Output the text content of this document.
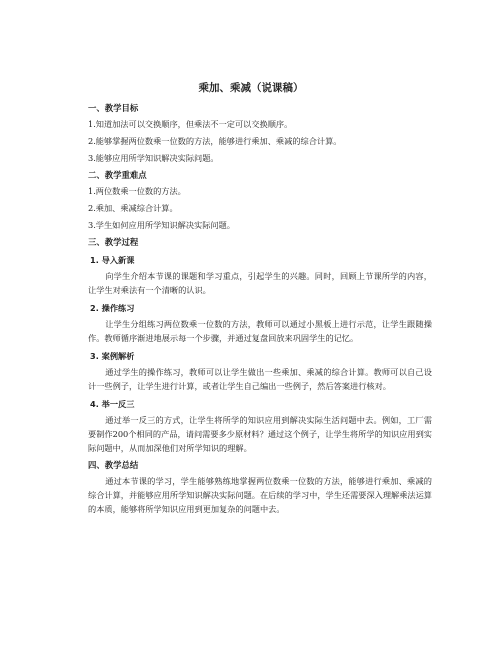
乘加、乘减（说课稿）
一、教学目标
1.知道加法可以交换顺序，但乘法不一定可以交换顺序。
2.能够掌握两位数乘一位数的方法，能够进行乘加、乘减的综合计算。
3.能够应用所学知识解决实际问题。
二、教学重难点
1.两位数乘一位数的方法。
2.乘加、乘减综合计算。
3.学生如何应用所学知识解决实际问题。
三、教学过程
1. 导入新课
向学生介绍本节课的课题和学习重点，引起学生的兴趣。同时，回顾上节课所学的内容，让学生对乘法有一个清晰的认识。
2. 操作练习
让学生分组练习两位数乘一位数的方法，教师可以通过小黑板上进行示范，让学生跟随操作。教师循序渐进地展示每一个步骤，并通过复盘回放来巩固学生的记忆。
3. 案例解析
通过学生的操作练习，教师可以让学生做出一些乘加、乘减的综合计算。教师可以自己设计一些例子，让学生进行计算，或者让学生自己编出一些例子，然后答案进行核对。
4. 举一反三
通过举一反三的方式，让学生将所学的知识应用到解决实际生活问题中去。例如，工厂需要制作200个相同的产品，请问需要多少原材料？通过这个例子，让学生将所学的知识应用到实际问题中，从而加深他们对所学知识的理解。
四、教学总结
通过本节课的学习，学生能够熟练地掌握两位数乘一位数的方法，能够进行乘加、乘减的综合计算，并能够应用所学知识解决实际问题。在后续的学习中，学生还需要深入理解乘法运算的本质，能够将所学知识应用到更加复杂的问题中去。
